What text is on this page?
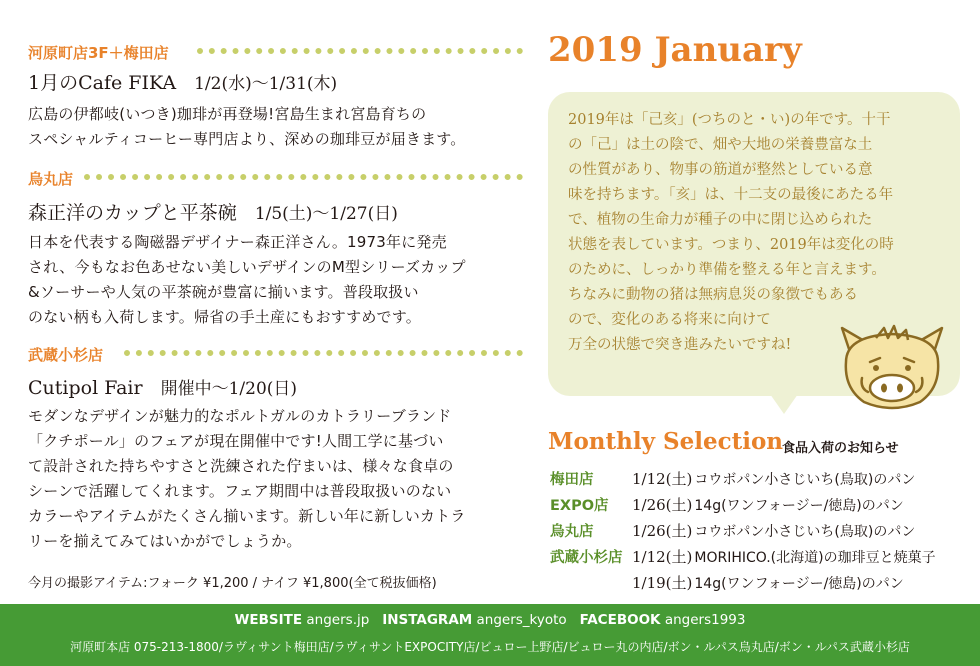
河原町店3F＋梅田店
1月のCafe FIKA 1/2(水)〜1/31(木)

広島の伊都岐(いつき)珈琲が再登場!宮島生まれ宮島育ちの

スペシャルティコーヒー専門店より、深めの珈琲豆が届きます。

烏丸店
森正洋のカップと平茶碗 1/5(土)〜1/27(日)

日本を代表する陶磁器デザイナー森正洋さん。1973年に発売

され、今もなお色あせない美しいデザインのM型シリーズカップ

&ソーサーや人気の平茶碗が豊富に揃います。普段取扱い

のない柄も入荷します。帰省の手土産にもおすすめです。

武蔵小杉店
Cutipol Fair 開催中〜1/20(日)

モダンなデザインが魅力的なポルトガルのカトラリーブランド

「クチポール」のフェアが現在開催中です!人間工学に基づい

て設計された持ちやすさと洗練された佇まいは、様々な食卓の

シーンで活躍してくれます。フェア期間中は普段取扱いのない

カラーやアイテムがたくさん揃います。新しい年に新しいカトラ

リーを揃えてみてはいかがでしょうか。

今月の撮影アイテム:フォーク ¥1,200 / ナイフ ¥1,800(全て税抜価格)
2019 January

2019年は「己亥」(つちのと・い)の年です。十干

の「己」は土の陰で、畑や大地の栄養豊富な土

の性質があり、物事の筋道が整然としている意

味を持ちます。「亥」は、十二支の最後にあたる年

で、植物の生命力が種子の中に閉じ込められた

状態を表しています。つまり、2019年は変化の時

のために、しっかり準備を整える年と言えます。

ちなみに動物の猪は無病息災の象徴でもある

ので、変化のある将来に向けて

万全の状態で突き進みたいですね!

Monthly Selection
食品入荷のお知らせ
梅田店	1/12(土) コウボパン小さじいち(鳥取)のパン
EXPO店 1/26(土) 14g(ワンフォージー/徳島)のパン
烏丸店	1/26(土) コウボパン小さじいち(鳥取)のパン
武蔵小杉店 1/12(土) MORIHICO.(北海道)の珈琲豆と焼菓子
1/19(土) 14g(ワンフォージー/徳島)のパン
WEBSITE angers.jp INSTAGRAM angers_kyoto FACEBOOK angers1993
河原町本店 075-213-1800/ラヴィサント梅田店/ラヴィサントEXPOCITY店/ビュロー上野店/ビュロー丸の内店/ボン・ルパス烏丸店/ボン・ルパス武蔵小杉店
